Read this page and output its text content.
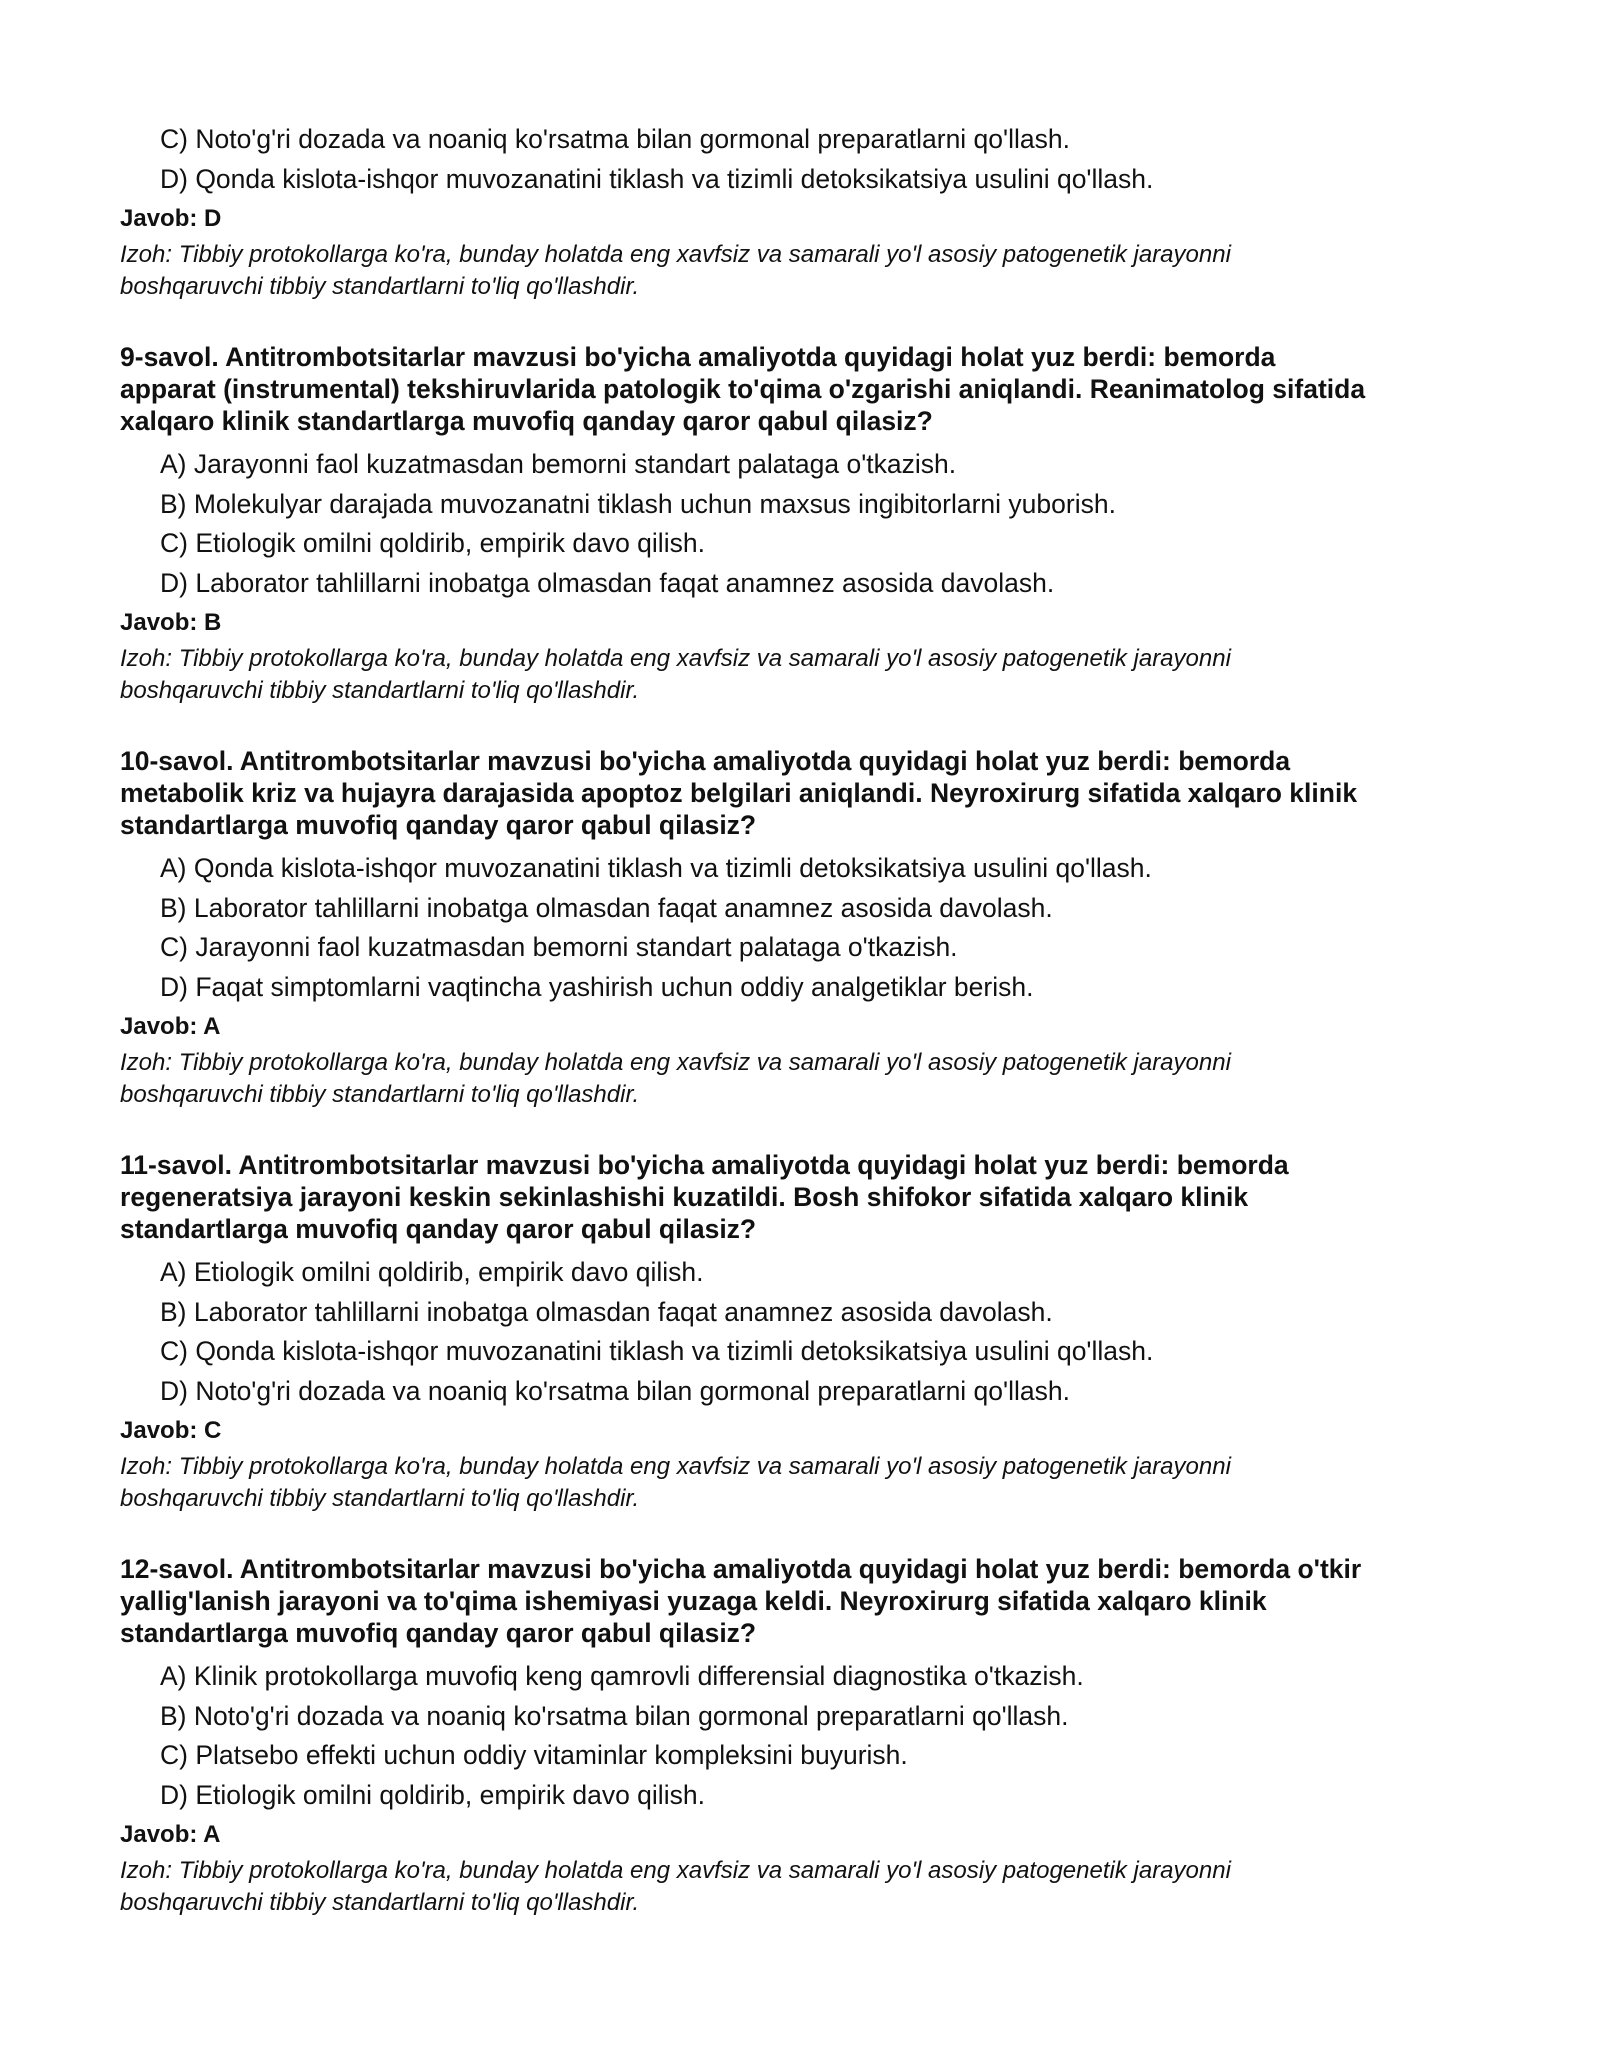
C) Noto'g'ri dozada va noaniq ko'rsatma bilan gormonal preparatlarni qo'llash.
D) Qonda kislota-ishqor muvozanatini tiklash va tizimli detoksikatsiya usulini qo'llash.
Javob: D
Izoh: Tibbiy protokollarga ko'ra, bunday holatda eng xavfsiz va samarali yo'l asosiy patogenetik jarayonni
boshqaruvchi tibbiy standartlarni to'liq qo'llashdir.
9-savol. Antitrombotsitarlar mavzusi bo'yicha amaliyotda quyidagi holat yuz berdi: bemorda
apparat (instrumental) tekshiruvlarida patologik to'qima o'zgarishi aniqlandi. Reanimatolog sifatida
xalqaro klinik standartlarga muvofiq qanday qaror qabul qilasiz?
A) Jarayonni faol kuzatmasdan bemorni standart palataga o'tkazish.
B) Molekulyar darajada muvozanatni tiklash uchun maxsus ingibitorlarni yuborish.
C) Etiologik omilni qoldirib, empirik davo qilish.
D) Laborator tahlillarni inobatga olmasdan faqat anamnez asosida davolash.
Javob: B
Izoh: Tibbiy protokollarga ko'ra, bunday holatda eng xavfsiz va samarali yo'l asosiy patogenetik jarayonni
boshqaruvchi tibbiy standartlarni to'liq qo'llashdir.
10-savol. Antitrombotsitarlar mavzusi bo'yicha amaliyotda quyidagi holat yuz berdi: bemorda
metabolik kriz va hujayra darajasida apoptoz belgilari aniqlandi. Neyroxirurg sifatida xalqaro klinik
standartlarga muvofiq qanday qaror qabul qilasiz?
A) Qonda kislota-ishqor muvozanatini tiklash va tizimli detoksikatsiya usulini qo'llash.
B) Laborator tahlillarni inobatga olmasdan faqat anamnez asosida davolash.
C) Jarayonni faol kuzatmasdan bemorni standart palataga o'tkazish.
D) Faqat simptomlarni vaqtincha yashirish uchun oddiy analgetiklar berish.
Javob: A
Izoh: Tibbiy protokollarga ko'ra, bunday holatda eng xavfsiz va samarali yo'l asosiy patogenetik jarayonni
boshqaruvchi tibbiy standartlarni to'liq qo'llashdir.
11-savol. Antitrombotsitarlar mavzusi bo'yicha amaliyotda quyidagi holat yuz berdi: bemorda
regeneratsiya jarayoni keskin sekinlashishi kuzatildi. Bosh shifokor sifatida xalqaro klinik
standartlarga muvofiq qanday qaror qabul qilasiz?
A) Etiologik omilni qoldirib, empirik davo qilish.
B) Laborator tahlillarni inobatga olmasdan faqat anamnez asosida davolash.
C) Qonda kislota-ishqor muvozanatini tiklash va tizimli detoksikatsiya usulini qo'llash.
D) Noto'g'ri dozada va noaniq ko'rsatma bilan gormonal preparatlarni qo'llash.
Javob: C
Izoh: Tibbiy protokollarga ko'ra, bunday holatda eng xavfsiz va samarali yo'l asosiy patogenetik jarayonni
boshqaruvchi tibbiy standartlarni to'liq qo'llashdir.
12-savol. Antitrombotsitarlar mavzusi bo'yicha amaliyotda quyidagi holat yuz berdi: bemorda o'tkir
yallig'lanish jarayoni va to'qima ishemiyasi yuzaga keldi. Neyroxirurg sifatida xalqaro klinik
standartlarga muvofiq qanday qaror qabul qilasiz?
A) Klinik protokollarga muvofiq keng qamrovli differensial diagnostika o'tkazish.
B) Noto'g'ri dozada va noaniq ko'rsatma bilan gormonal preparatlarni qo'llash.
C) Platsebo effekti uchun oddiy vitaminlar kompleksini buyurish.
D) Etiologik omilni qoldirib, empirik davo qilish.
Javob: A
Izoh: Tibbiy protokollarga ko'ra, bunday holatda eng xavfsiz va samarali yo'l asosiy patogenetik jarayonni
boshqaruvchi tibbiy standartlarni to'liq qo'llashdir.
